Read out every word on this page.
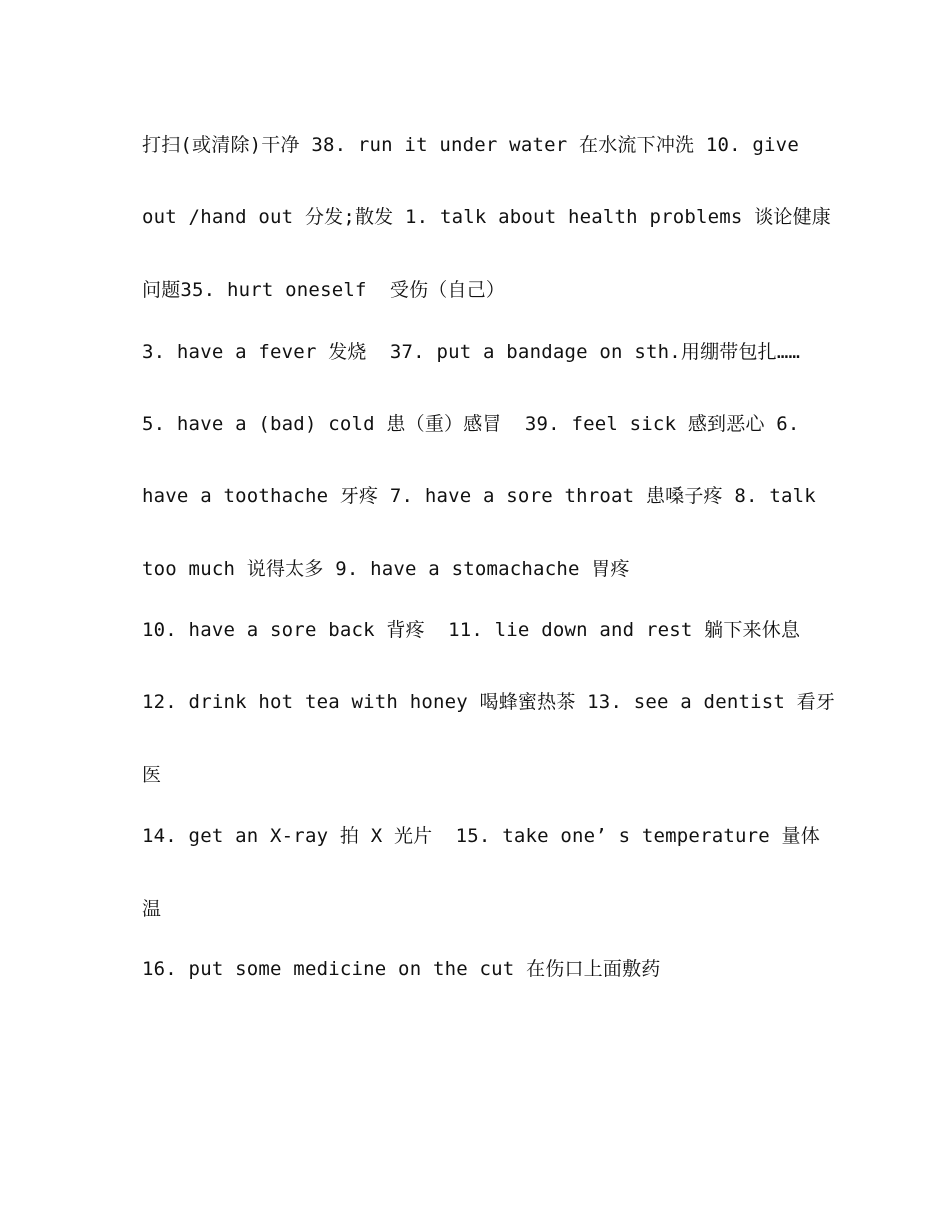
打扫(或清除)干净 38. run it under water 在水流下冲洗 10. give
out /hand out 分发;散发 1. talk about health problems 谈论健康
问题35. hurt oneself  受伤（自己）
3. have a fever 发烧  37. put a bandage on sth.用绷带包扎……
5. have a (bad) cold 患（重）感冒  39. feel sick 感到恶心 6.
have a toothache 牙疼 7. have a sore throat 患嗓子疼 8. talk
too much 说得太多 9. have a stomachache 胃疼
10. have a sore back 背疼  11. lie down and rest 躺下来休息
12. drink hot tea with honey 喝蜂蜜热茶 13. see a dentist 看牙
医
14. get an X-ray 拍 X 光片  15. take one’ s temperature 量体
温
16. put some medicine on the cut 在伤口上面敷药
